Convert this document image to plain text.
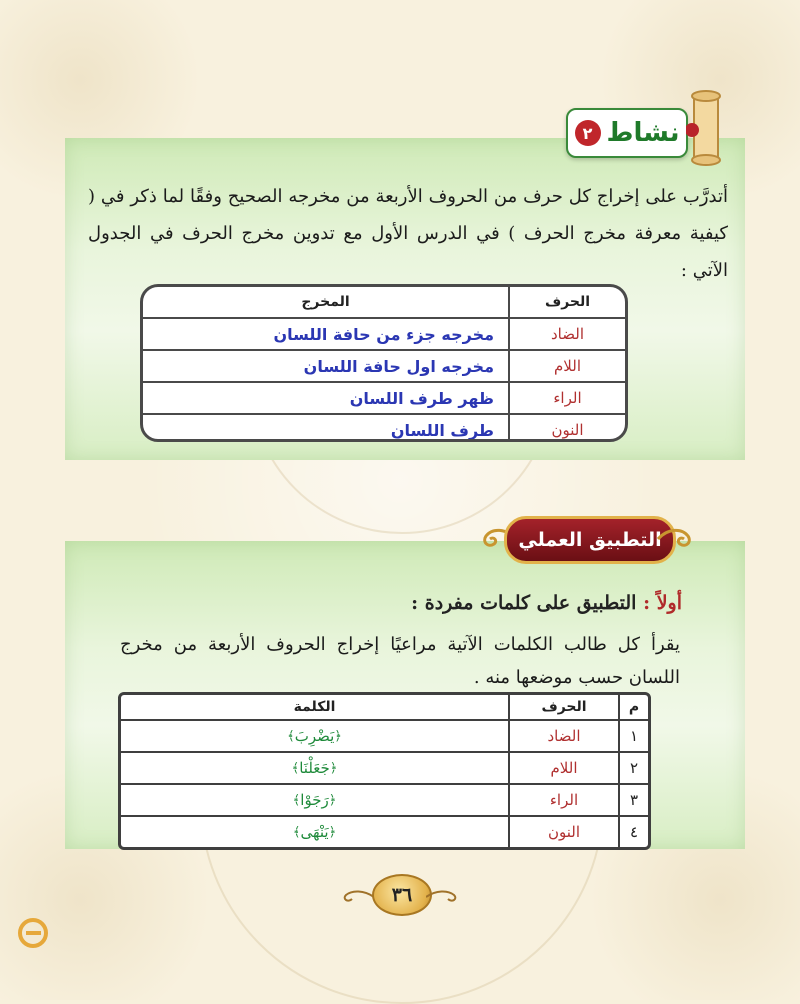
نشاط
٢
أتدرَّب على إخراج كل حرف من الحروف الأربعة من مخرجه الصحيح وفقًا لما ذكر في ( كيفية معرفة مخرج الحرف ) في الدرس الأول مع تدوين مخرج الحرف في الجدول الآتي :
الحرف
المخرج
الضاد
مخرجه جزء من حافة اللسان
اللام
مخرجه اول حافة اللسان
الراء
ظهر طرف اللسان
النون
طرف اللسان
التطبيق العملي
أولاً : التطبيق على كلمات مفردة :
يقرأ كل طالب الكلمات الآتية مراعيًا إخراج الحروف الأربعة من مخرج اللسان حسب موضعها منه .
م
الحرف
الكلمة
١
الضاد
﴿
يَضْرِبَ
﴾
٢
اللام
﴿
جَعَلْنَا
﴾
٣
الراء
﴿
رَجَوْا
﴾
٤
النون
﴿
يَنْهَى
﴾
٣٦
